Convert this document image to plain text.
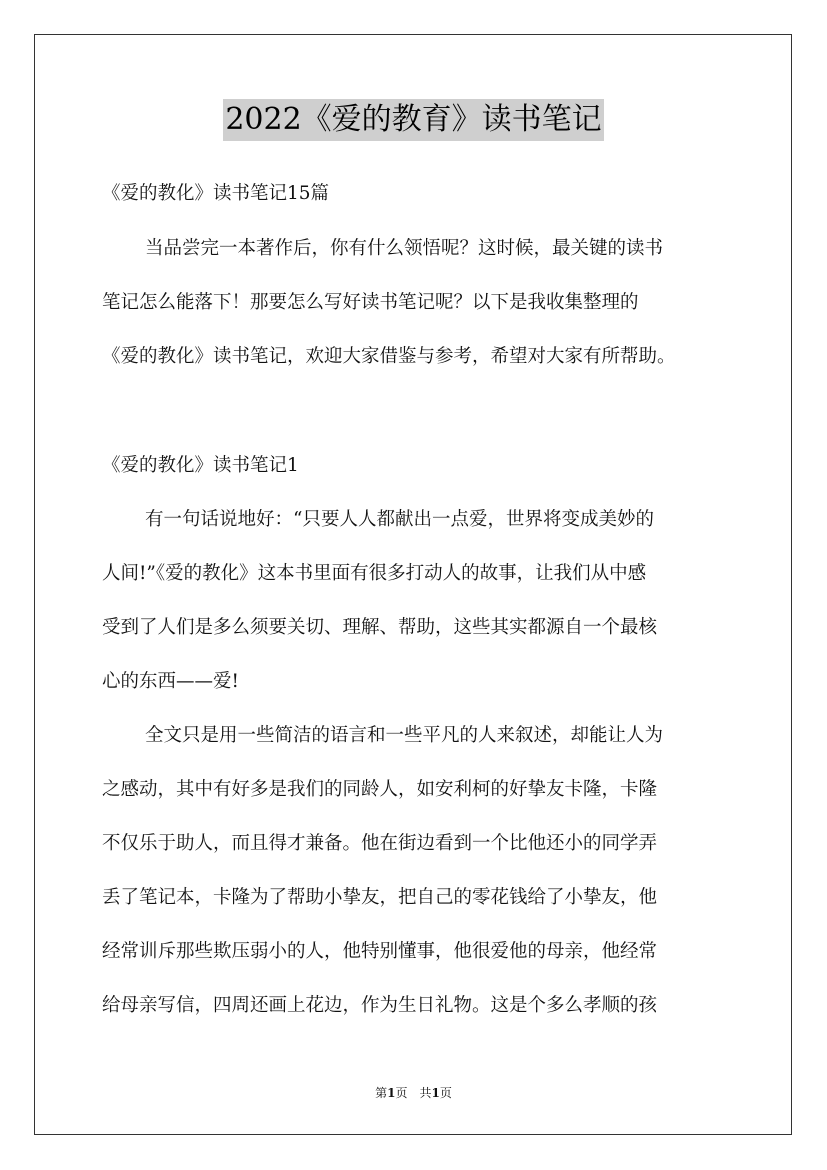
2022《爱的教育》读书笔记
《爱的教化》读书笔记15篇
当品尝完一本著作后，你有什么领悟呢？这时候，最关键的读书
笔记怎么能落下！那要怎么写好读书笔记呢？以下是我收集整理的
《爱的教化》读书笔记，欢迎大家借鉴与参考，希望对大家有所帮助。
《爱的教化》读书笔记1
有一句话说地好：“只要人人都献出一点爱，世界将变成美妙的
人间!”《爱的教化》这本书里面有很多打动人的故事，让我们从中感
受到了人们是多么须要关切、理解、帮助，这些其实都源自一个最核
心的东西——爱!
全文只是用一些简洁的语言和一些平凡的人来叙述，却能让人为
之感动，其中有好多是我们的同龄人，如安利柯的好挚友卡隆，卡隆
不仅乐于助人，而且得才兼备。他在街边看到一个比他还小的同学弄
丢了笔记本，卡隆为了帮助小挚友，把自己的零花钱给了小挚友，他
经常训斥那些欺压弱小的人，他特别懂事，他很爱他的母亲，他经常
给母亲写信，四周还画上花边，作为生日礼物。这是个多么孝顺的孩
第1页　共1页
